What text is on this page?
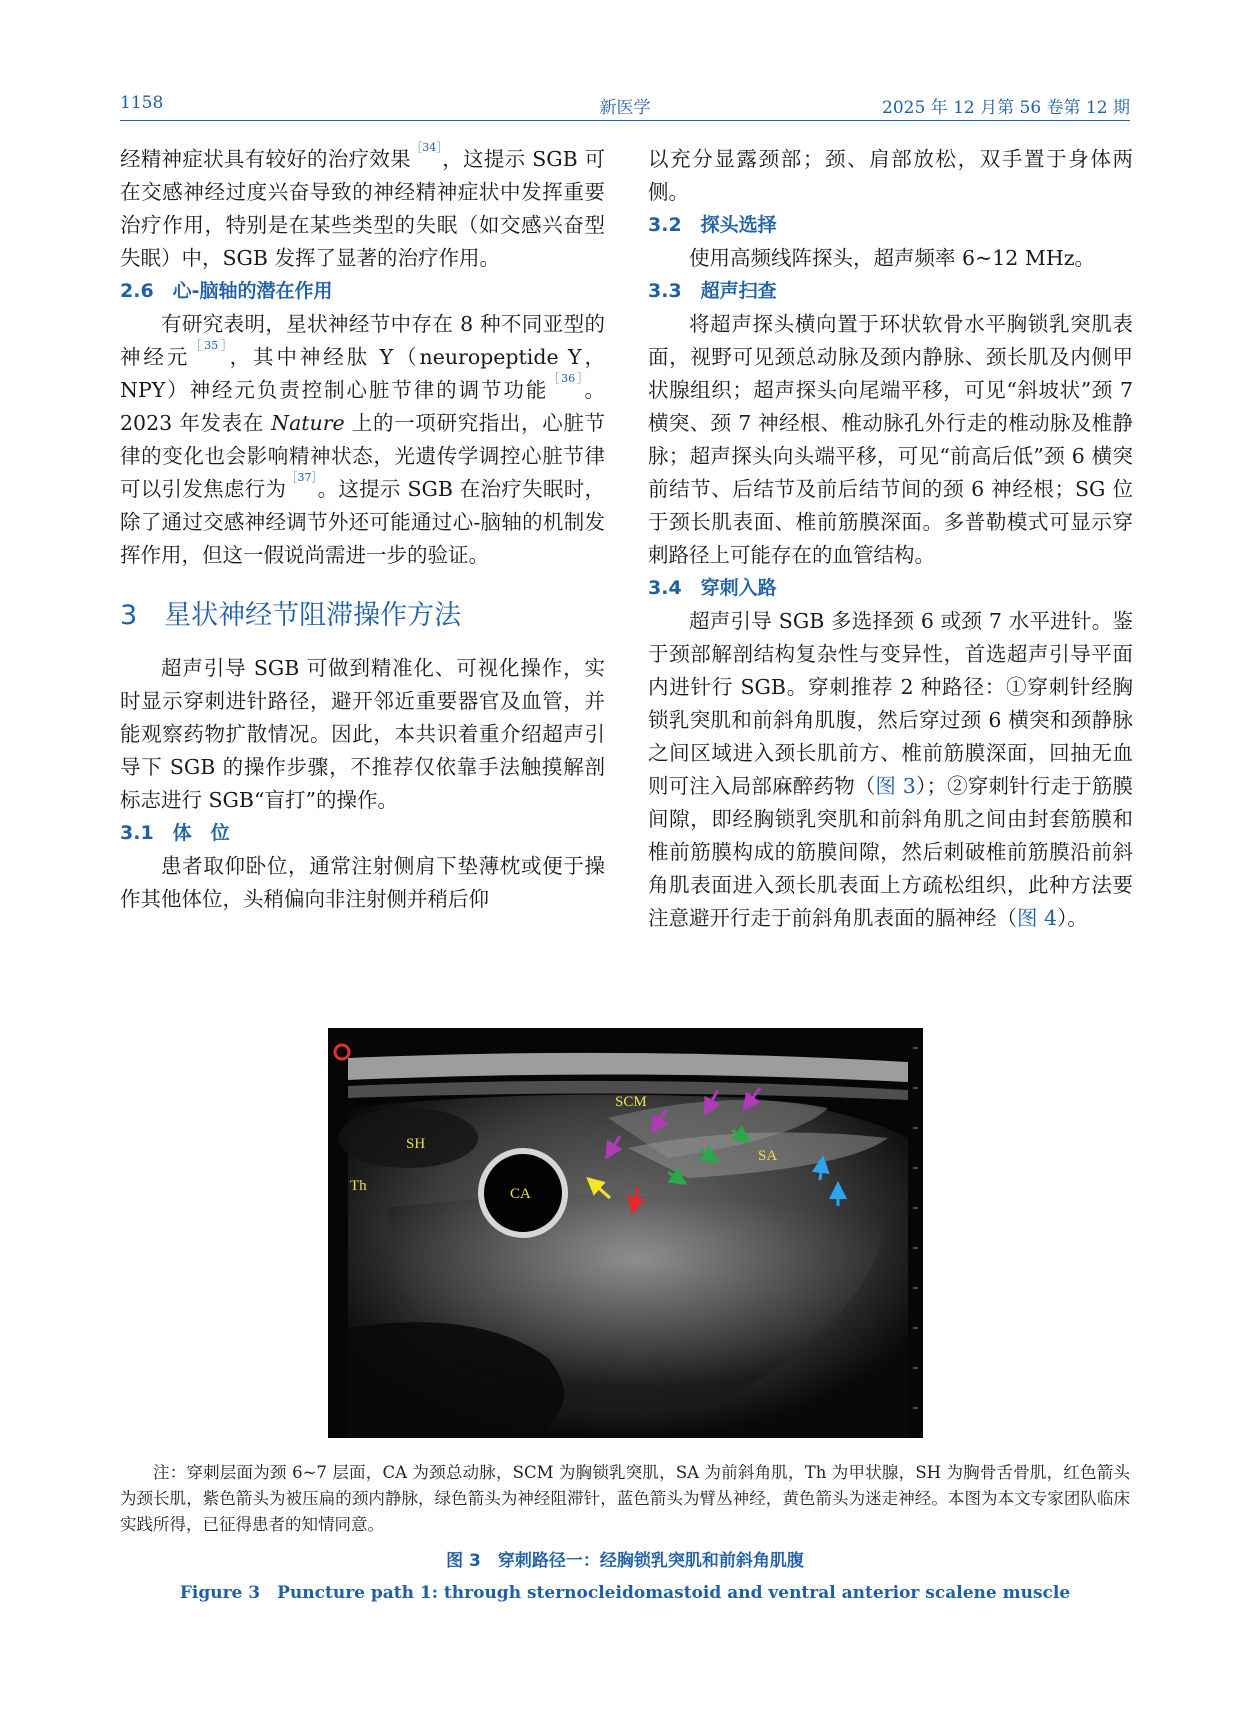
1158	新医学	2025 年 12 月第 56 卷第 12 期

经精神症状具有较好的治疗效果$^{[34]}$，这提示 SGB 可在交感神经过度兴奋导致的神经精神症状中发挥重要治疗作用，特别是在某些类型的失眠（如交感兴奋型失眠）中，SGB 发挥了显著的治疗作用。

2.6　心-脑轴的潜在作用

有研究表明，星状神经节中存在 8 种不同亚型的神经元$^{[35]}$，其中神经肽 Y（neuropeptide Y，NPY）神经元负责控制心脏节律的调节功能$^{[36]}$。2023 年发表在 Nature 上的一项研究指出，心脏节律的变化也会影响精神状态，光遗传学调控心脏节律可以引发焦虑行为$^{[37]}$。这提示 SGB 在治疗失眠时，除了通过交感神经调节外还可能通过心-脑轴的机制发挥作用，但这一假说尚需进一步的验证。

3　星状神经节阻滞操作方法

超声引导 SGB 可做到精准化、可视化操作，实时显示穿刺进针路径，避开邻近重要器官及血管，并能观察药物扩散情况。因此，本共识着重介绍超声引导下 SGB 的操作步骤，不推荐仅依靠手法触摸解剖标志进行 SGB“盲打”的操作。

3.1　体　位

患者取仰卧位，通常注射侧肩下垫薄枕或便于操作其他体位，头稍偏向非注射侧并稍后仰

以充分显露颈部；颈、肩部放松，双手置于身体两侧。

3.2　探头选择

使用高频线阵探头，超声频率 6~12 MHz。

3.3　超声扫查

将超声探头横向置于环状软骨水平胸锁乳突肌表面，视野可见颈总动脉及颈内静脉、颈长肌及内侧甲状腺组织；超声探头向尾端平移，可见“斜坡状”颈 7 横突、颈 7 神经根、椎动脉孔外行走的椎动脉及椎静脉；超声探头向头端平移，可见“前高后低”颈 6 横突前结节、后结节及前后结节间的颈 6 神经根；SG 位于颈长肌表面、椎前筋膜深面。多普勒模式可显示穿刺路径上可能存在的血管结构。

3.4　穿刺入路

超声引导 SGB 多选择颈 6 或颈 7 水平进针。鉴于颈部解剖结构复杂性与变异性，首选超声引导平面内进针行 SGB。穿刺推荐 2 种路径：①穿刺针经胸锁乳突肌和前斜角肌腹，然后穿过颈 6 横突和颈静脉之间区域进入颈长肌前方、椎前筋膜深面，回抽无血则可注入局部麻醉药物（图 3）；②穿刺针行走于筋膜间隙，即经胸锁乳突肌和前斜角肌之间由封套筋膜和椎前筋膜构成的筋膜间隙，然后刺破椎前筋膜沿前斜角肌表面进入颈长肌表面上方疏松组织，此种方法要注意避开行走于前斜角肌表面的膈神经（图 4）。

SCM
SH
Th	CA
SA
注：穿刺层面为颈 6~7 层面，CA 为颈总动脉，SCM 为胸锁乳突肌，SA 为前斜角肌，Th 为甲状腺，SH 为胸骨舌骨肌，红色箭头为颈长肌，紫色箭头为被压扁的颈内静脉，绿色箭头为神经阻滞针，蓝色箭头为臂丛神经，黄色箭头为迷走神经。本图为本文专家团队临床实践所得，已征得患者的知情同意。
图 3　穿刺路径一：经胸锁乳突肌和前斜角肌腹
Figure 3　Puncture path 1: through sternocleidomastoid and ventral anterior scalene muscle
